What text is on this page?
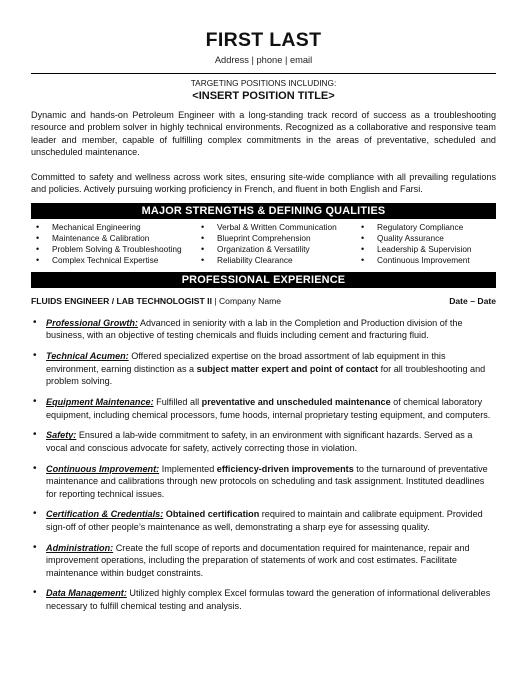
FIRST LAST
Address | phone | email
TARGETING POSITIONS INCLUDING:
<INSERT POSITION TITLE>

Dynamic and hands-on Petroleum Engineer with a long-standing track record of success as a troubleshooting resource and problem solver in highly technical environments. Recognized as a collaborative and responsive team leader and member, capable of fulfilling complex commitments in the areas of preventative, scheduled and unscheduled maintenance.

Committed to safety and wellness across work sites, ensuring site-wide compliance with all prevailing regulations and policies. Actively pursuing working proficiency in French, and fluent in both English and Farsi.

MAJOR STRENGTHS & DEFINING QUALITIES
• Mechanical Engineering
• Maintenance & Calibration
• Problem Solving & Troubleshooting
• Complex Technical Expertise
• Verbal & Written Communication
• Blueprint Comprehension
• Organization & Versatility
• Reliability Clearance
• Regulatory Compliance
• Quality Assurance
• Leadership & Supervision
• Continuous Improvement
PROFESSIONAL EXPERIENCE
FLUIDS ENGINEER / LAB TECHNOLOGIST II | Company Name	Date – Date
• Professional Growth: Advanced in seniority with a lab in the Completion and Production division of the business, with an objective of testing chemicals and fluids including cement and fracturing fluid.
• Technical Acumen: Offered specialized expertise on the broad assortment of lab equipment in this environment, earning distinction as a subject matter expert and point of contact for all troubleshooting and problem solving.
• Equipment Maintenance: Fulfilled all preventative and unscheduled maintenance of chemical laboratory equipment, including chemical processors, fume hoods, internal proprietary testing equipment, and computers.
• Safety: Ensured a lab-wide commitment to safety, in an environment with significant hazards. Served as a vocal and conscious advocate for safety, actively correcting those in violation.
• Continuous Improvement: Implemented efficiency-driven improvements to the turnaround of preventative maintenance and calibrations through new protocols on scheduling and task assignment. Instituted deadlines for reporting technical issues.
• Certification & Credentials: Obtained certification required to maintain and calibrate equipment. Provided sign-off of other people’s maintenance as well, demonstrating a sharp eye for assessing quality.
• Administration: Create the full scope of reports and documentation required for maintenance, repair and improvement operations, including the preparation of statements of work and cost estimates. Facilitate maintenance within budget constraints.
• Data Management: Utilized highly complex Excel formulas toward the generation of informational deliverables necessary to fulfill chemical testing and analysis.
